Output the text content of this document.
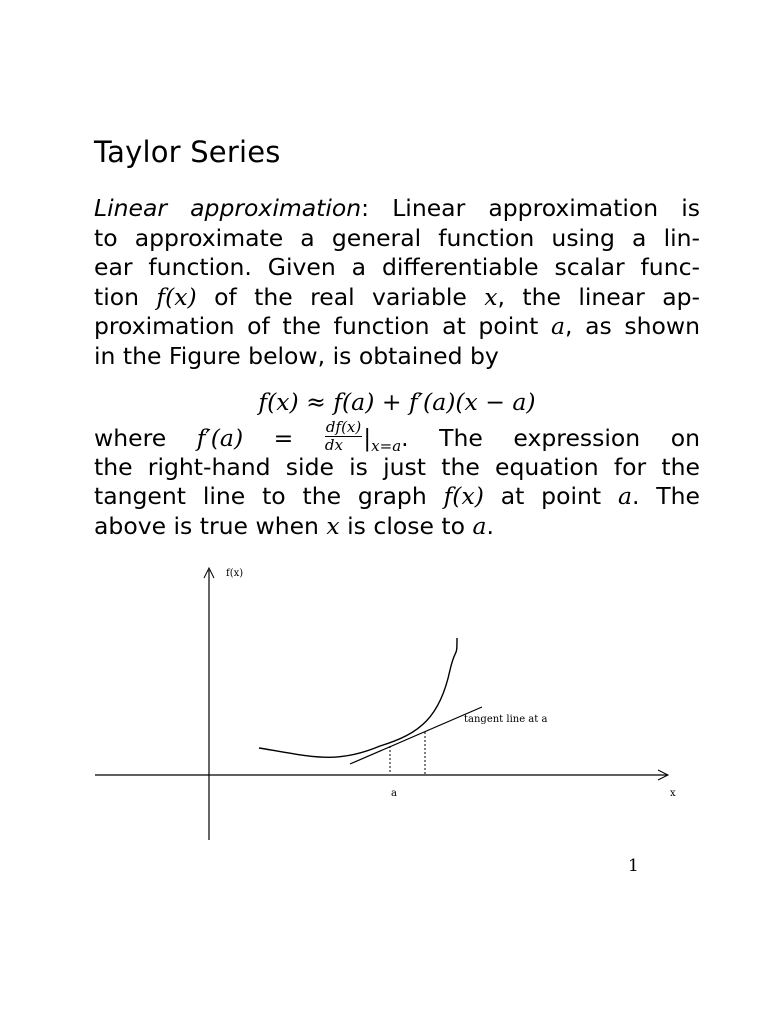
Taylor Series
Linear approximation: Linear approximation is
to approximate a general function using a lin-
ear function. Given a differentiable scalar func-
tion f(x) of the real variable x, the linear ap-
proximation of the function at point a, as shown
in the Figure below, is obtained by
f(x) ≈ f(a) + f′(a)(x − a)
where $f'(a) = \frac{df(x)}{dx} |_{x=a}$. The expression on
the right-hand side is just the equation for the
tangent line to the graph f(x) at point a. The
above is true when x is close to a.
f(x)
x
a
tangent line at a
1
